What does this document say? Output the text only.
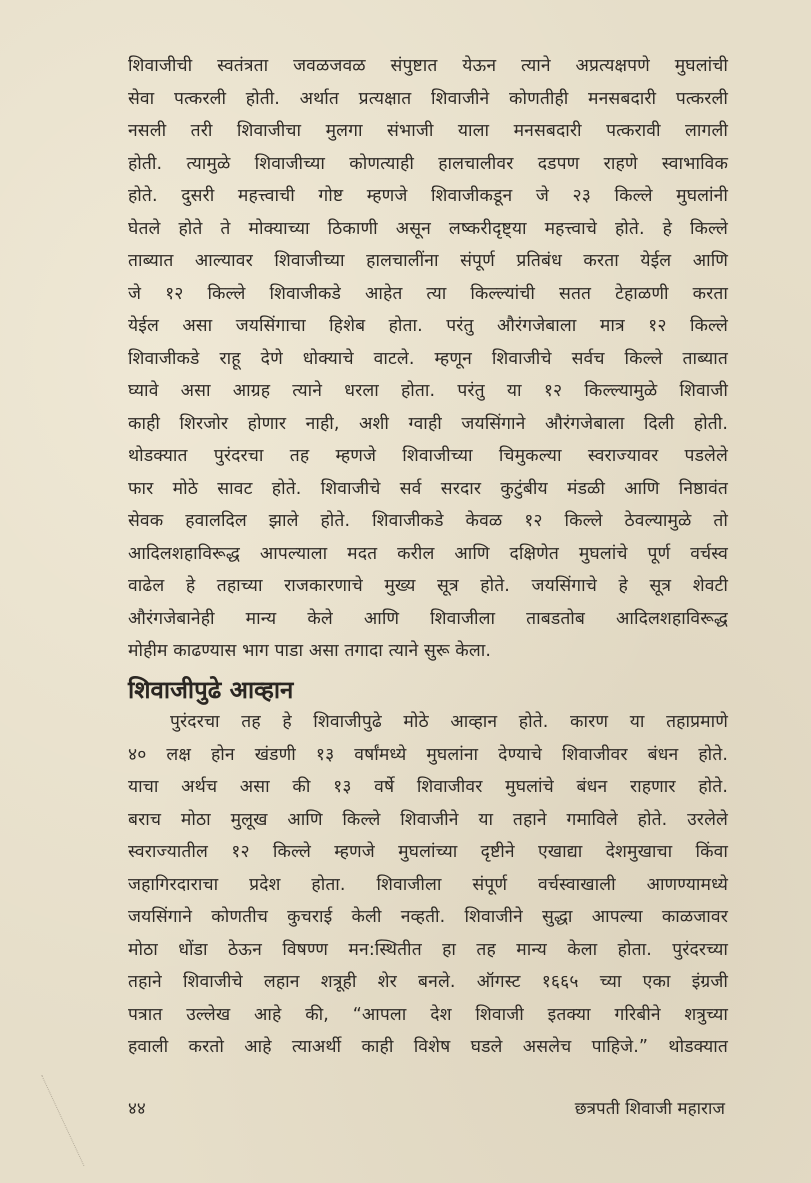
शिवाजीची स्वतंत्रता जवळजवळ संपुष्टात येऊन त्याने अप्रत्यक्षपणे मुघलांची
सेवा पत्करली होती. अर्थात प्रत्यक्षात शिवाजीने कोणतीही मनसबदारी पत्करली
नसली तरी शिवाजीचा मुलगा संभाजी याला मनसबदारी पत्करावी लागली
होती. त्यामुळे शिवाजीच्या कोणत्याही हालचालीवर दडपण राहणे स्वाभाविक
होते. दुसरी महत्त्वाची गोष्ट म्हणजे शिवाजीकडून जे २३ किल्ले मुघलांनी
घेतले होते ते मोक्याच्या ठिकाणी असून लष्करीदृष्ट्या महत्त्वाचे होते. हे किल्ले
ताब्यात आल्यावर शिवाजीच्या हालचालींना संपूर्ण प्रतिबंध करता येईल आणि
जे १२ किल्ले शिवाजीकडे आहेत त्या किल्ल्यांची सतत टेहाळणी करता
येईल असा जयसिंगाचा हिशेब होता. परंतु औरंगजेबाला मात्र १२ किल्ले
शिवाजीकडे राहू देणे धोक्याचे वाटले. म्हणून शिवाजीचे सर्वच किल्ले ताब्यात
घ्यावे असा आग्रह त्याने धरला होता. परंतु या १२ किल्ल्यामुळे शिवाजी
काही शिरजोर होणार नाही, अशी ग्वाही जयसिंगाने औरंगजेबाला दिली होती.
थोडक्यात पुरंदरचा तह म्हणजे शिवाजीच्या चिमुकल्या स्वराज्यावर पडलेले
फार मोठे सावट होते. शिवाजीचे सर्व सरदार कुटुंबीय मंडळी आणि निष्ठावंत
सेवक हवालदिल झाले होते. शिवाजीकडे केवळ १२ किल्ले ठेवल्यामुळे तो
आदिलशहाविरूद्ध आपल्याला मदत करील आणि दक्षिणेत मुघलांचे पूर्ण वर्चस्व
वाढेल हे तहाच्या राजकारणाचे मुख्य सूत्र होते. जयसिंगाचे हे सूत्र शेवटी
औरंगजेबानेही मान्य केले आणि शिवाजीला ताबडतोब आदिलशहाविरूद्ध
मोहीम काढण्यास भाग पाडा असा तगादा त्याने सुरू केला.
शिवाजीपुढे आव्हान
पुरंदरचा तह हे शिवाजीपुढे मोठे आव्हान होते. कारण या तहाप्रमाणे
४० लक्ष होन खंडणी १३ वर्षांमध्ये मुघलांना देण्याचे शिवाजीवर बंधन होते.
याचा अर्थच असा की १३ वर्षे शिवाजीवर मुघलांचे बंधन राहणार होते.
बराच मोठा मुलूख आणि किल्ले शिवाजीने या तहाने गमाविले होते. उरलेले
स्वराज्यातील १२ किल्ले म्हणजे मुघलांच्या दृष्टीने एखाद्या देशमुखाचा किंवा
जहागिरदाराचा प्रदेश होता. शिवाजीला संपूर्ण वर्चस्वाखाली आणण्यामध्ये
जयसिंगाने कोणतीच कुचराई केली नव्हती. शिवाजीने सुद्धा आपल्या काळजावर
मोठा धोंडा ठेऊन विषण्ण मन:स्थितीत हा तह मान्य केला होता. पुरंदरच्या
तहाने शिवाजीचे लहान शत्रूही शेर बनले. ऑगस्ट १६६५ च्या एका इंग्रजी
पत्रात उल्लेख आहे की, “आपला देश शिवाजी इतक्या गरिबीने शत्रुच्या
हवाली करतो आहे त्याअर्थी काही विशेष घडले असलेच पाहिजे.” थोडक्यात
४४	छत्रपती शिवाजी महाराज
